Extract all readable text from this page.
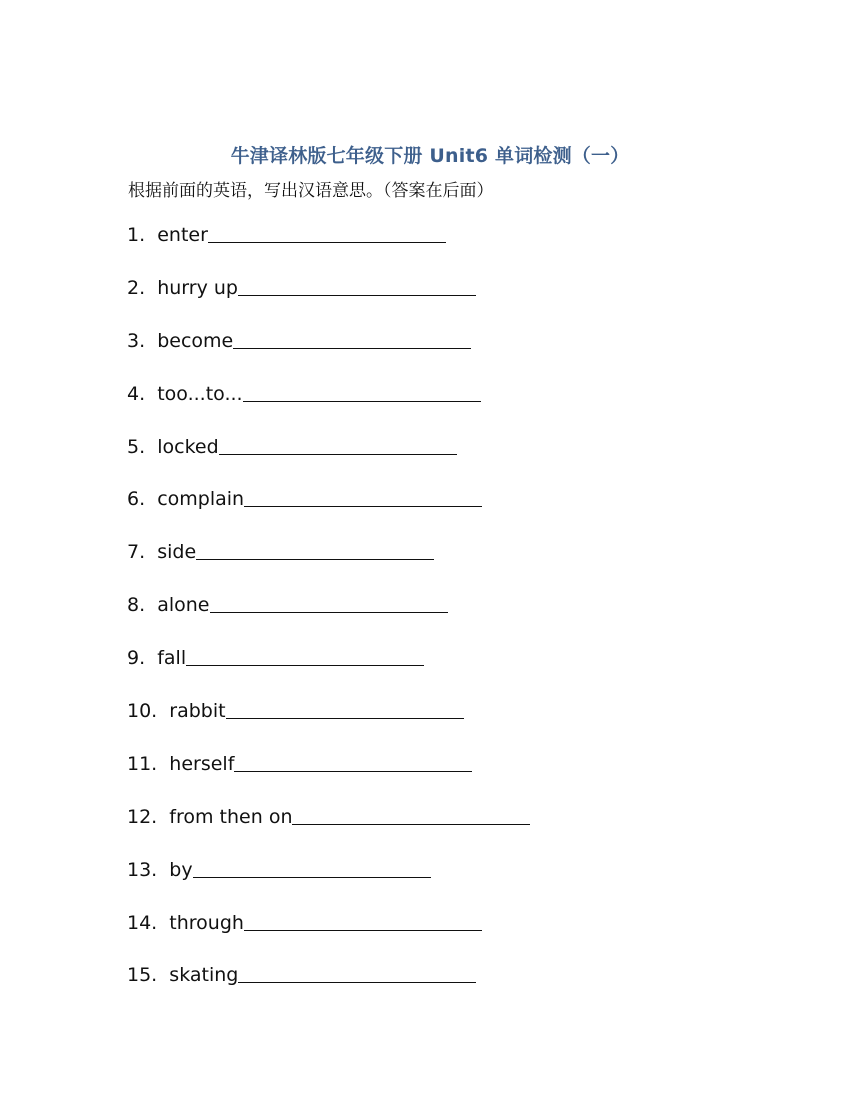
牛津译林版七年级下册 Unit6 单词检测（一）
根据前面的英语，写出汉语意思。（答案在后面）
1. enter
2. hurry up
3. become
4. too...to...
5. locked
6. complain
7. side
8. alone
9. fall
10. rabbit
11. herself
12. from then on
13. by
14. through
15. skating
